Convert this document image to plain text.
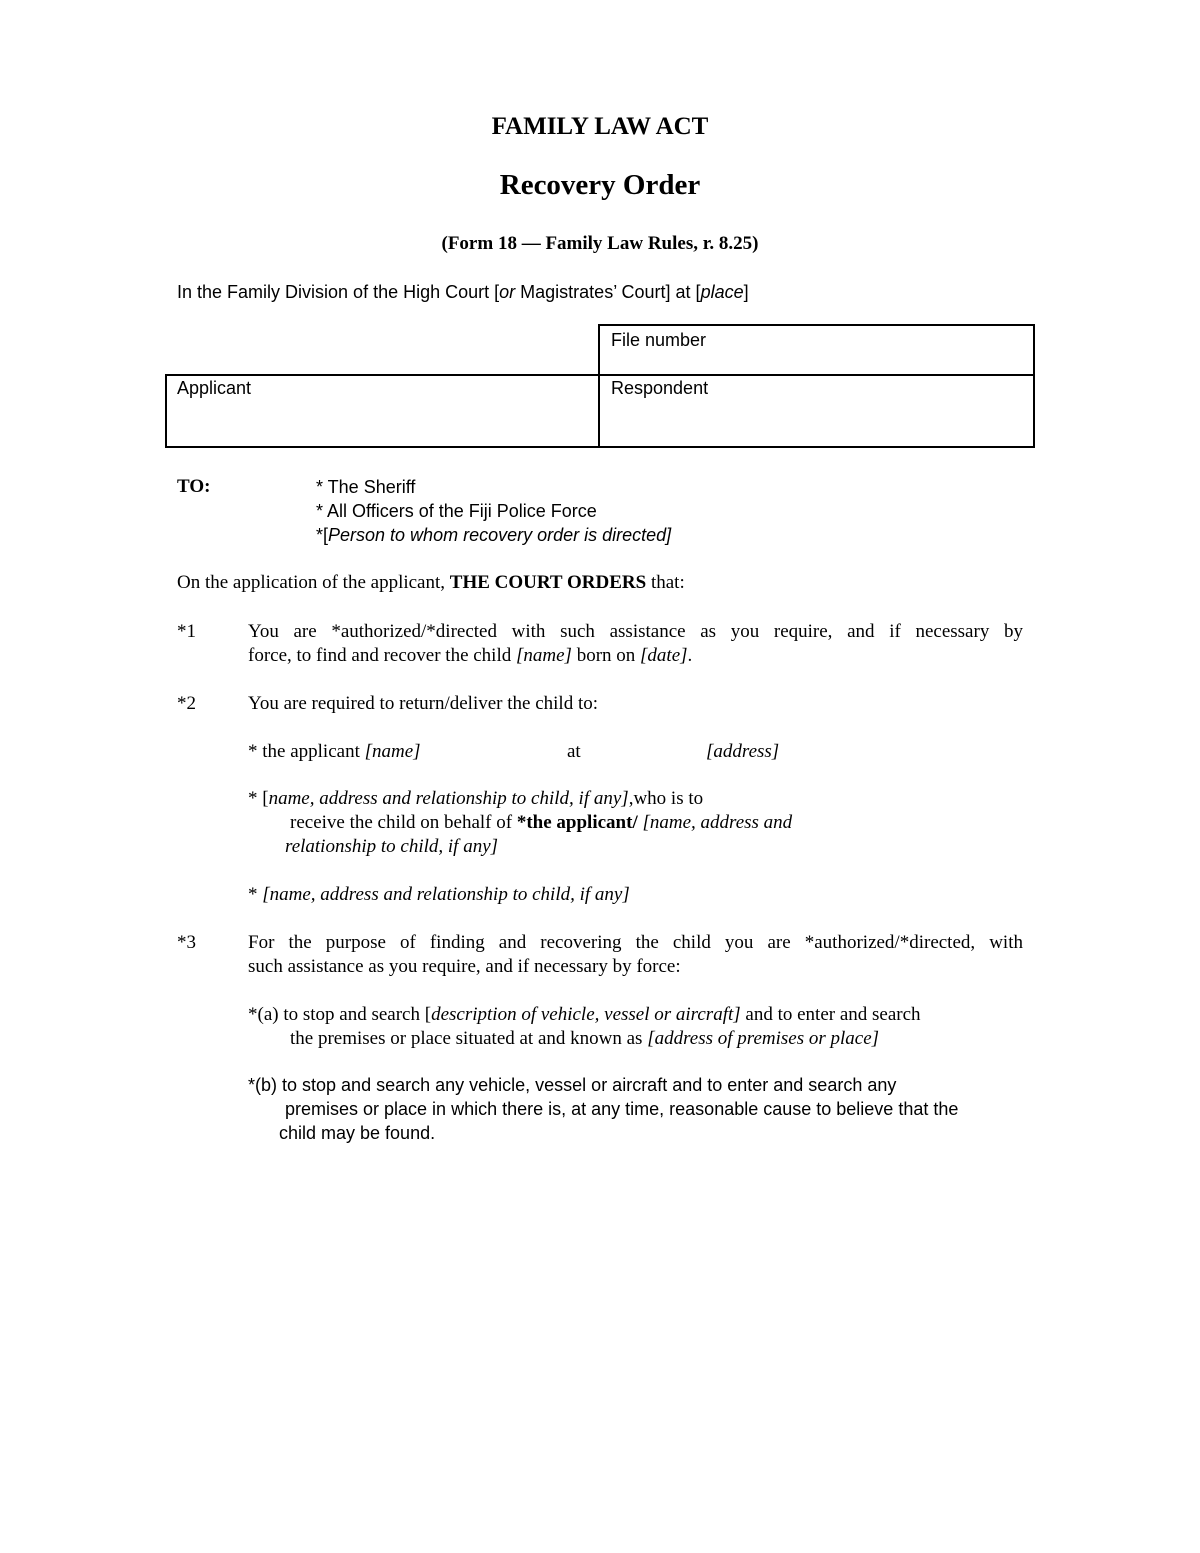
FAMILY LAW ACT
Recovery Order
(Form 18 — Family Law Rules, r. 8.25)
In the Family Division of the High Court [or Magistrates’ Court] at [place]
File number
Applicant	Respondent
TO:	* The Sheriff
* All Officers of the Fiji Police Force
*[Person to whom recovery order is directed]
On the application of the applicant, THE COURT ORDERS that:
*1	You are *authorized/*directed with such assistance as you require, and if necessary by
force, to find and recover the child [name] born on [date].
*2	You are required to return/deliver the child to:
* the applicant [name]	at	[address]
* [name, address and relationship to child, if any],who is to
receive the child on behalf of *the applicant/ [name, address and
relationship to child, if any]
* [name, address and relationship to child, if any]
*3	For the purpose of finding and recovering the child you are *authorized/*directed, with
such assistance as you require, and if necessary by force:
*(a) to stop and search [description of vehicle, vessel or aircraft] and to enter and search
the premises or place situated at and known as [address of premises or place]
*(b) to stop and search any vehicle, vessel or aircraft and to enter and search any
premises or place in which there is, at any time, reasonable cause to believe that the
child may be found.
